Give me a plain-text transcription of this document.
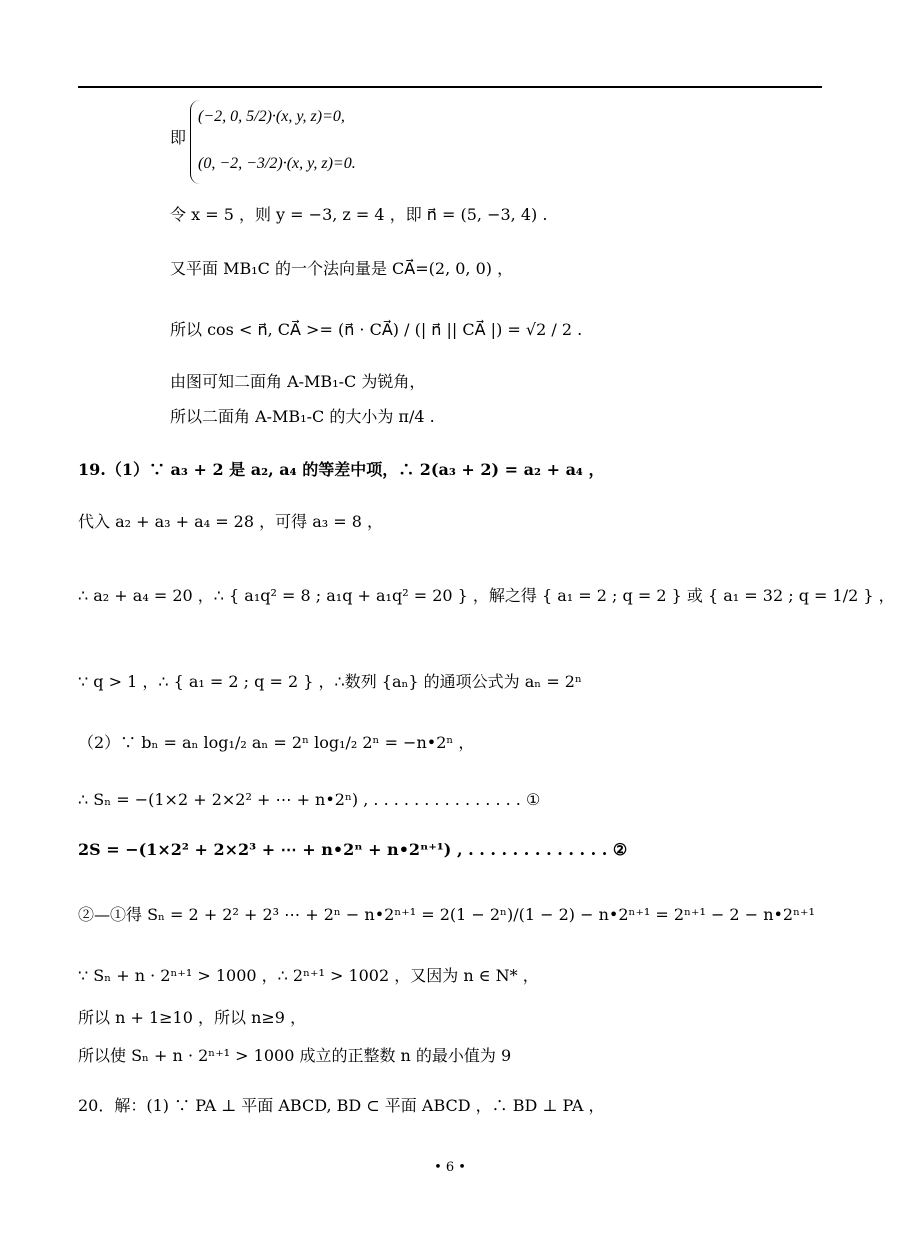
即
(−2, 0, 5/2)·(x, y, z)=0,
(0, −2, −3/2)·(x, y, z)=0.
令 x = 5 ，则 y = −3, z = 4 ，即 n⃗ = (5, −3, 4) .
又平面 MB₁C 的一个法向量是 CA⃗=(2, 0, 0) ，
所以 cos < n⃗, CA⃗ >= (n⃗ · CA⃗) / (| n⃗ || CA⃗ |) = √2 / 2 .
由图可知二面角 A-MB₁-C 为锐角，
所以二面角 A-MB₁-C 的大小为 π/4 .
19.（1）∵ a₃ + 2 是 a₂, a₄ 的等差中项，∴ 2(a₃ + 2) = a₂ + a₄ ，
代入 a₂ + a₃ + a₄ = 28 ，可得 a₃ = 8 ，
∴ a₂ + a₄ = 20 ，∴ { a₁q² = 8 ; a₁q + a₁q² = 20 } ，解之得 { a₁ = 2 ; q = 2 } 或 { a₁ = 32 ; q = 1/2 } ，
∵ q > 1 ，∴ { a₁ = 2 ; q = 2 } ，∴数列 {aₙ} 的通项公式为 aₙ = 2ⁿ
（2）∵ bₙ = aₙ log₁/₂ aₙ = 2ⁿ log₁/₂ 2ⁿ = −n•2ⁿ ，
∴ Sₙ = −(1×2 + 2×2² + ⋯ + n•2ⁿ) , . . . . . . . . . . . . . . . ①
2S = −(1×2² + 2×2³ + ⋯ + n•2ⁿ + n•2ⁿ⁺¹) , . . . . . . . . . . . . . ②
②—①得 Sₙ = 2 + 2² + 2³ ⋯ + 2ⁿ − n•2ⁿ⁺¹ = 2(1 − 2ⁿ)/(1 − 2) − n•2ⁿ⁺¹ = 2ⁿ⁺¹ − 2 − n•2ⁿ⁺¹
∵ Sₙ + n · 2ⁿ⁺¹ > 1000 ，∴ 2ⁿ⁺¹ > 1002 ，又因为 n ∈ N* ，
所以 n + 1≥10 ，所以 n≥9 ，
所以使 Sₙ + n · 2ⁿ⁺¹ > 1000 成立的正整数 n 的最小值为 9
20．解：(1) ∵ PA ⊥ 平面 ABCD, BD ⊂ 平面 ABCD ，∴ BD ⊥ PA ，
• 6 •
